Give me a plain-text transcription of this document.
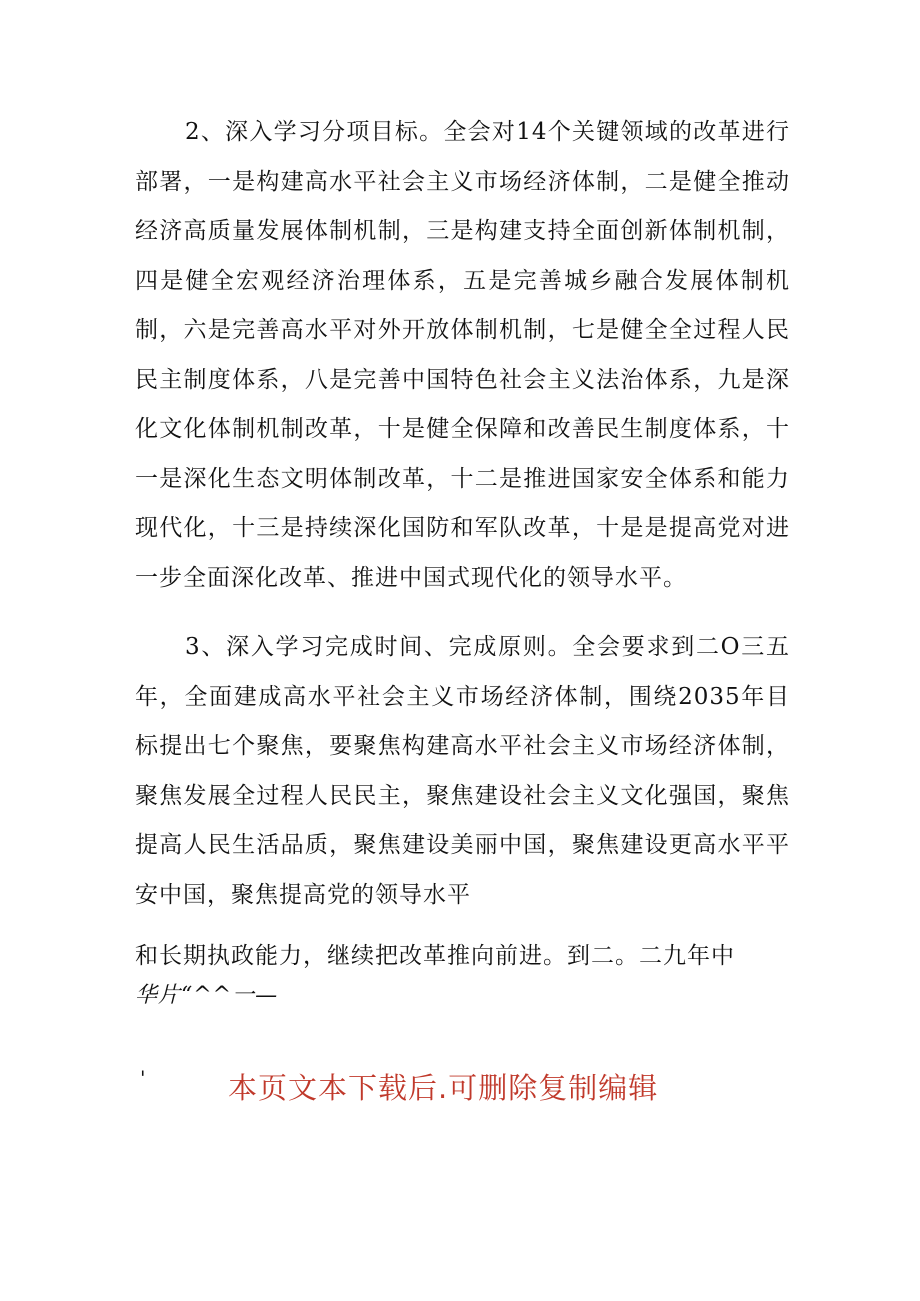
2、深入学习分项目标。全会对14个关键领域的改革进行部署，一是构建高水平社会主义市场经济体制，二是健全推动经济高质量发展体制机制，三是构建支持全面创新体制机制，四是健全宏观经济治理体系，五是完善城乡融合发展体制机制，六是完善高水平对外开放体制机制，七是健全全过程人民民主制度体系，八是完善中国特色社会主义法治体系，九是深化文化体制机制改革，十是健全保障和改善民生制度体系，十一是深化生态文明体制改革，十二是推进国家安全体系和能力现代化，十三是持续深化国防和军队改革，十是是提高党对进一步全面深化改革、推进中国式现代化的领导水平。

3、深入学习完成时间、完成原则。全会要求到二O三五年，全面建成高水平社会主义市场经济体制，围绕2035年目标提出七个聚焦，要聚焦构建高水平社会主义市场经济体制，聚焦发展全过程人民民主，聚焦建设社会主义文化强国，聚焦提高人民生活品质，聚焦建设美丽中国，聚焦建设更高水平平安中国，聚焦提高党的领导水平

和长期执政能力，继续把改革推向前进。到二。二九年中

华片“^^一—

'	本页文本下载后.可删除复制编辑
